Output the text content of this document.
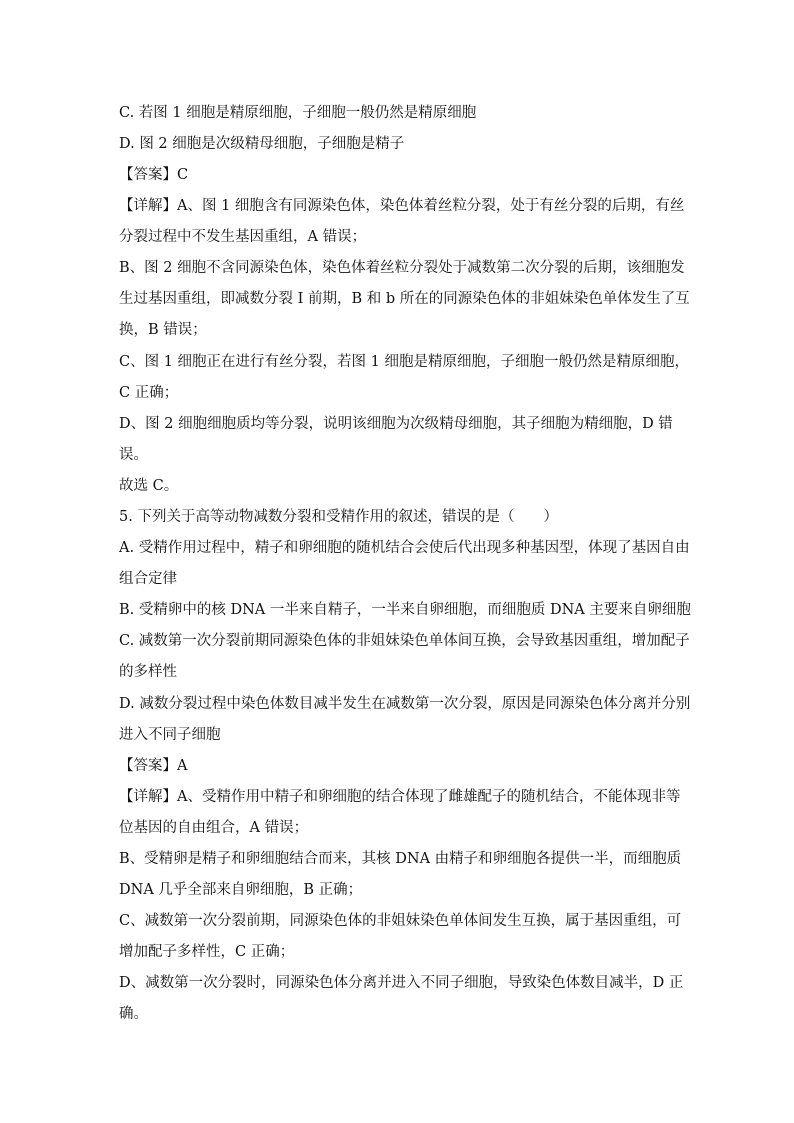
C. 若图 1 细胞是精原细胞，子细胞一般仍然是精原细胞
D. 图 2 细胞是次级精母细胞，子细胞是精子
【答案】C
【详解】A、图 1 细胞含有同源染色体，染色体着丝粒分裂，处于有丝分裂的后期，有丝
分裂过程中不发生基因重组，A 错误；
B、图 2 细胞不含同源染色体，染色体着丝粒分裂处于减数第二次分裂的后期，该细胞发
生过基因重组，即减数分裂 I 前期，B 和 b 所在的同源染色体的非姐妹染色单体发生了互
换，B 错误；
C、图 1 细胞正在进行有丝分裂，若图 1 细胞是精原细胞，子细胞一般仍然是精原细胞，
C 正确；
D、图 2 细胞细胞质均等分裂，说明该细胞为次级精母细胞，其子细胞为精细胞，D 错
误。
故选 C。
5. 下列关于高等动物减数分裂和受精作用的叙述，错误的是（　　）
A. 受精作用过程中，精子和卵细胞的随机结合会使后代出现多种基因型，体现了基因自由
组合定律
B. 受精卵中的核 DNA 一半来自精子，一半来自卵细胞，而细胞质 DNA 主要来自卵细胞
C. 减数第一次分裂前期同源染色体的非姐妹染色单体间互换，会导致基因重组，增加配子
的多样性
D. 减数分裂过程中染色体数目减半发生在减数第一次分裂，原因是同源染色体分离并分别
进入不同子细胞
【答案】A
【详解】A、受精作用中精子和卵细胞的结合体现了雌雄配子的随机结合，不能体现非等
位基因的自由组合，A 错误；
B、受精卵是精子和卵细胞结合而来，其核 DNA 由精子和卵细胞各提供一半，而细胞质
DNA 几乎全部来自卵细胞，B 正确；
C、减数第一次分裂前期，同源染色体的非姐妹染色单体间发生互换，属于基因重组，可
增加配子多样性，C 正确；
D、减数第一次分裂时，同源染色体分离并进入不同子细胞，导致染色体数目减半，D 正
确。
